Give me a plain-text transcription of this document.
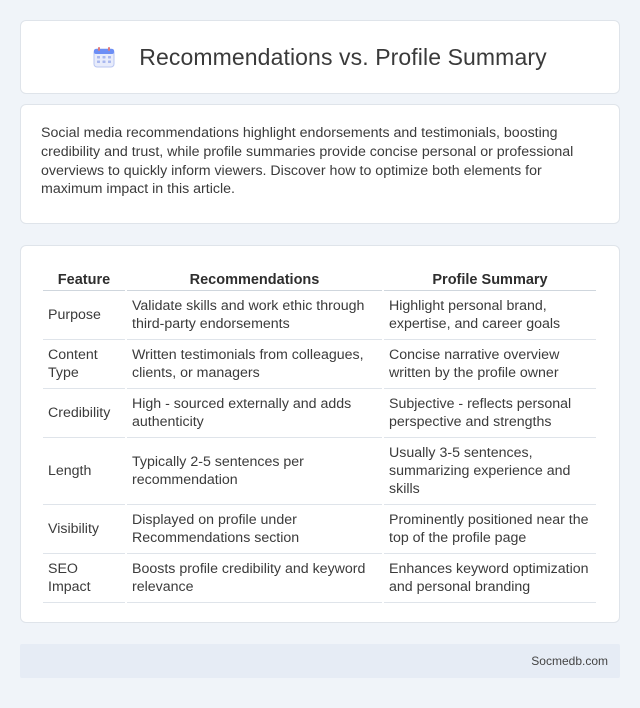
Recommendations vs. Profile Summary

Social media recommendations highlight endorsements and testimonials, boosting credibility and trust, while profile summaries provide concise personal or professional overviews to quickly inform viewers. Discover how to optimize both elements for maximum impact in this article.

Feature	Recommendations	Profile Summary
Purpose	Validate skills and work ethic through third-party endorsements	Highlight personal brand, expertise, and career goals
Content Type	Written testimonials from colleagues, clients, or managers	Concise narrative overview written by the profile owner
Credibility	High - sourced externally and adds authenticity	Subjective - reflects personal perspective and strengths
Length	Typically 2-5 sentences per recommendation	Usually 3-5 sentences, summarizing experience and skills
Visibility	Displayed on profile under Recommendations section	Prominently positioned near the top of the profile page
SEO Impact	Boosts profile credibility and keyword relevance	Enhances keyword optimization and personal branding
Socmedb.com
